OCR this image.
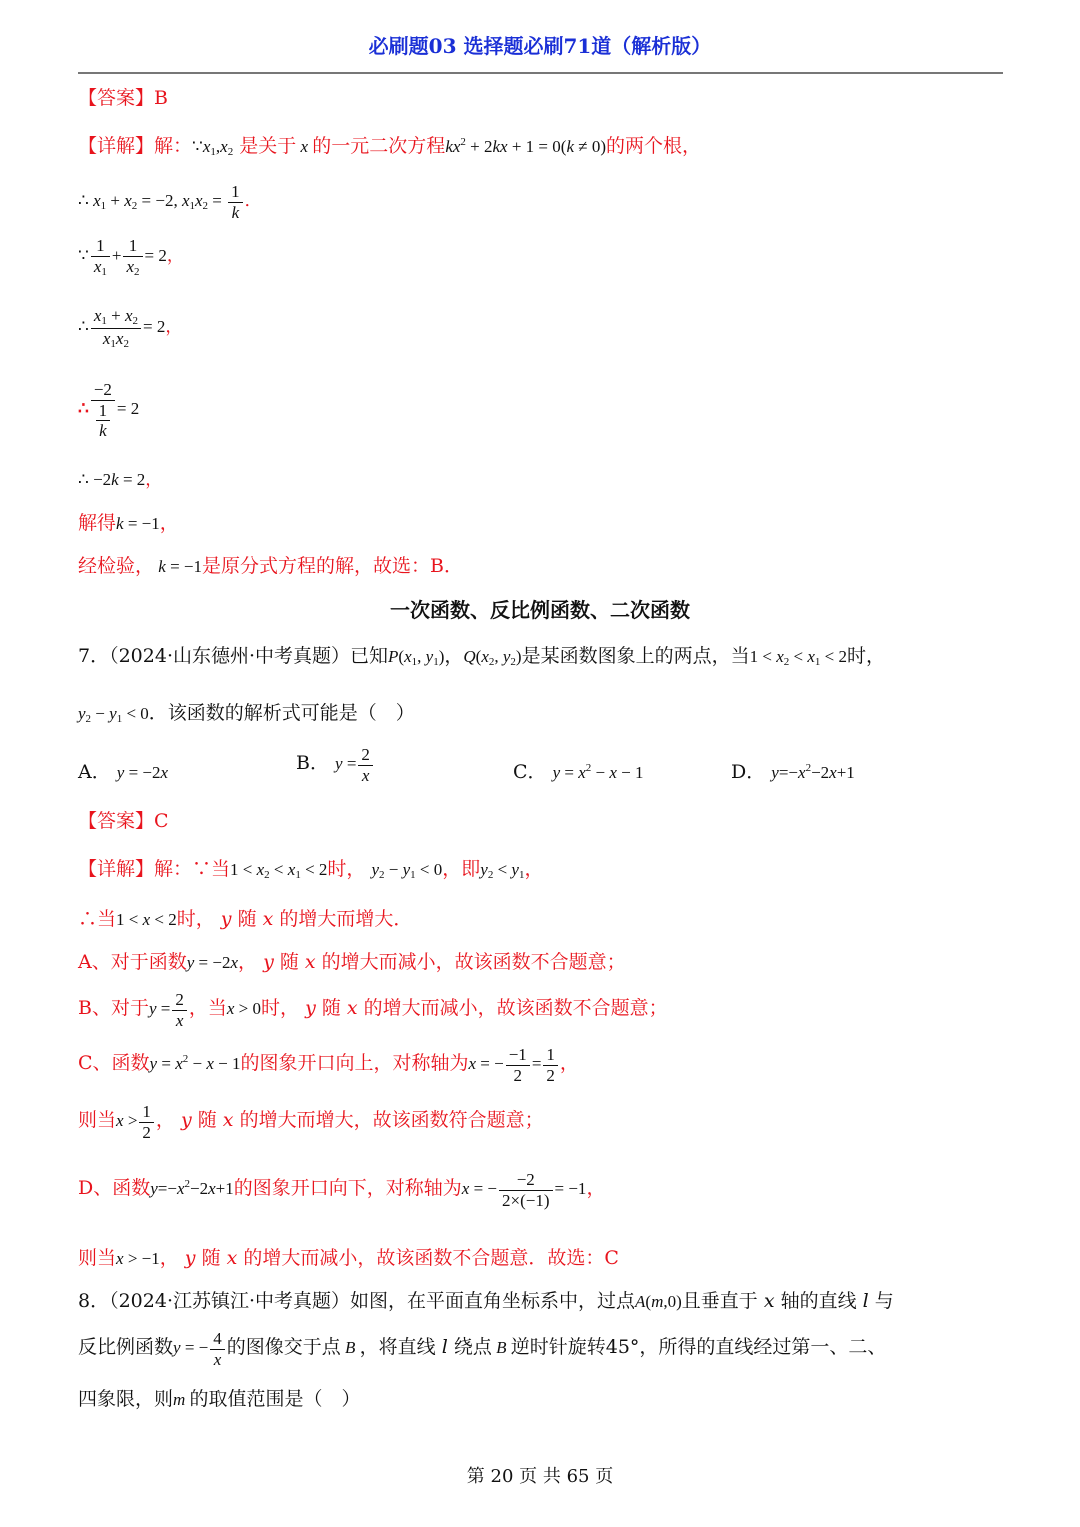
必刷题03 选择题必刷71道（解析版）
【答案】B
【详解】解：$\because x_1,x_2$ 是关于 x 的一元二次方程$kx^2 + 2kx + 1 = 0(k \ne 0)$的两个根，
∴ $x_1 + x_2 = -2$, $x_1x_2 = \frac{1}{k}$ ．
∵ $\frac{1}{x_1} + \frac{1}{x_2} = 2$，
∴ $\frac{x_1 + x_2}{x_1x_2} = 2$，
∴ $\frac{-2}{\frac{1}{k}} = 2$
∴ −2k = 2，
解得k = −1，
经检验， k = −1是原分式方程的解，故选：B．
一次函数、反比例函数、二次函数
7．（2024·山东德州·中考真题）已知$P(x_1$, $y_1$)，$Q(x_2$, $y_2$)是某函数图象上的两点，当$1 < x_2 < x_1 < 2$时，
$y_2 - y_1 < 0$．该函数的解析式可能是（　）
A． y = −2x	B． $y = \frac{2}{x}$	C． $y = x^2 - x - 1$	D． $y=-x^2-2x+1$
【答案】C
【详解】解：∵当$1 < x_2 < x_1 < 2$时， $y_2 - y_1 < 0$，即$y_2 < y_1$，
∴当1 < x < 2时， y 随 x 的增大而增大．
A、对于函数y = −2x， y 随 x 的增大而减小，故该函数不合题意；
B、对于$y = \frac{2}{x}$ ，当x > 0时， y 随 x 的增大而减小，故该函数不合题意；
C、函数$y = x^2 - x - 1$的图象开口向上，对称轴为x = − $\frac{-1}{2} = \frac{1}{2}$ ，
则当$x > \frac{1}{2}$ ， y 随 x 的增大而增大，故该函数符合题意；
D、函数$y=-x^2-2x+1$的图象开口向下，对称轴为x = − $\frac{-2}{2\times(-1)} = -1$，
则当x > −1， y 随 x 的增大而减小，故该函数不合题意．故选：C
8．（2024·江苏镇江·中考真题）如图，在平面直角坐标系中，过点A(m,0)且垂直于 x 轴的直线 l 与
反比例函数y = − $\frac{4}{x}$ 的图像交于点 B ，将直线 l 绕点 B 逆时针旋转45°，所得的直线经过第一、二、
四象限，则m 的取值范围是（　）
第 20 页 共 65 页
